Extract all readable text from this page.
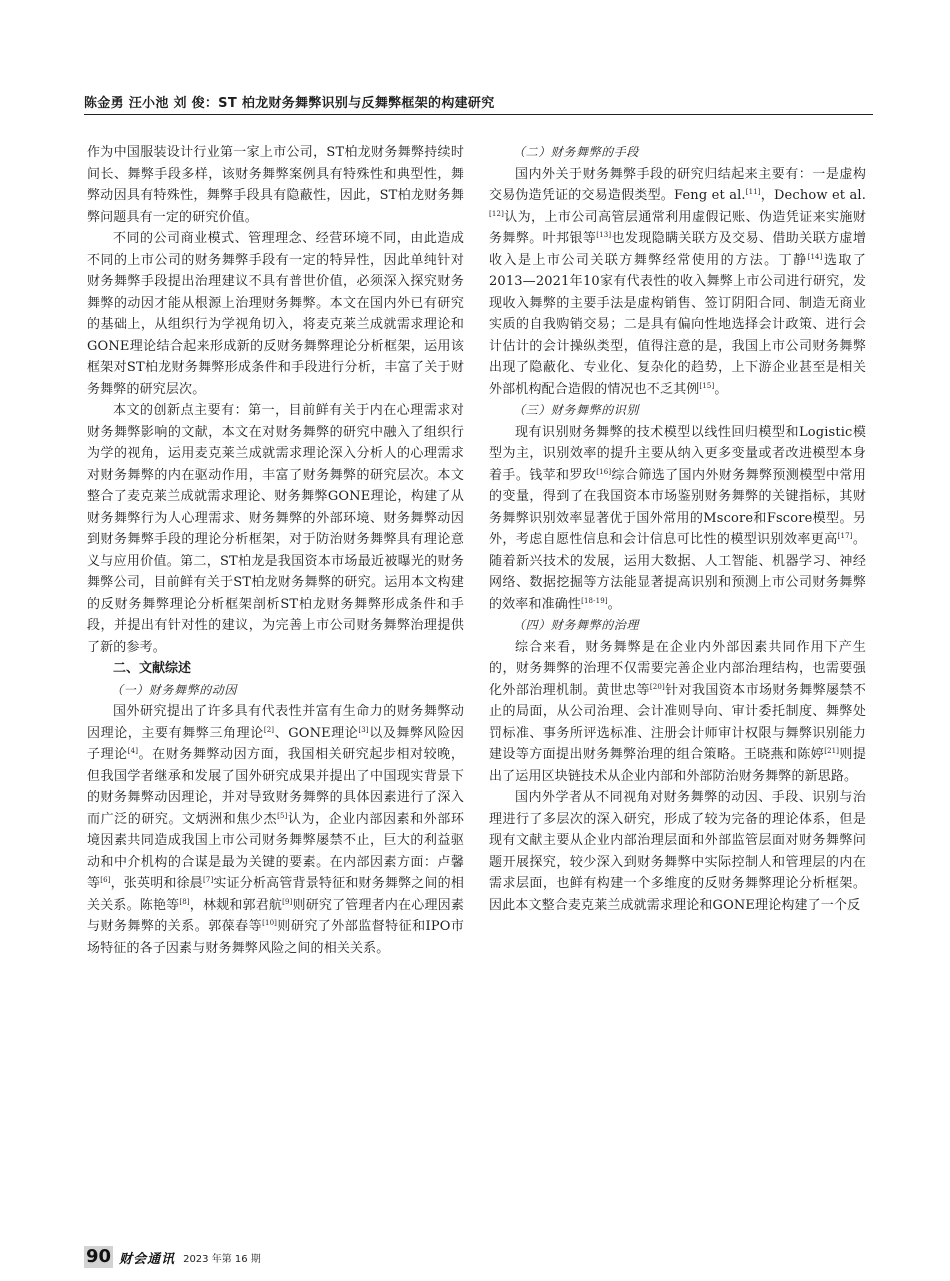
陈金勇 汪小池 刘 俊：ST 柏龙财务舞弊识别与反舞弊框架的构建研究

作为中国服装设计行业第一家上市公司，ST柏龙财务舞弊持续时间长、舞弊手段多样，该财务舞弊案例具有特殊性和典型性，舞弊动因具有特殊性，舞弊手段具有隐蔽性，因此，ST柏龙财务舞弊问题具有一定的研究价值。

不同的公司商业模式、管理理念、经营环境不同，由此造成不同的上市公司的财务舞弊手段有一定的特异性，因此单纯针对财务舞弊手段提出治理建议不具有普世价值，必须深入探究财务舞弊的动因才能从根源上治理财务舞弊。本文在国内外已有研究的基础上，从组织行为学视角切入，将麦克莱兰成就需求理论和GONE理论结合起来形成新的反财务舞弊理论分析框架，运用该框架对ST柏龙财务舞弊形成条件和手段进行分析，丰富了关于财务舞弊的研究层次。

本文的创新点主要有：第一，目前鲜有关于内在心理需求对财务舞弊影响的文献，本文在对财务舞弊的研究中融入了组织行为学的视角，运用麦克莱兰成就需求理论深入分析人的心理需求对财务舞弊的内在驱动作用，丰富了财务舞弊的研究层次。本文整合了麦克莱兰成就需求理论、财务舞弊GONE理论，构建了从财务舞弊行为人心理需求、财务舞弊的外部环境、财务舞弊动因到财务舞弊手段的理论分析框架，对于防治财务舞弊具有理论意义与应用价值。第二，ST柏龙是我国资本市场最近被曝光的财务舞弊公司，目前鲜有关于ST柏龙财务舞弊的研究。运用本文构建的反财务舞弊理论分析框架剖析ST柏龙财务舞弊形成条件和手段，并提出有针对性的建议，为完善上市公司财务舞弊治理提供了新的参考。

二、文献综述
（一）财务舞弊的动因

国外研究提出了许多具有代表性并富有生命力的财务舞弊动因理论，主要有舞弊三角理论[2]、GONE理论[3]以及舞弊风险因子理论[4]。在财务舞弊动因方面，我国相关研究起步相对较晚，但我国学者继承和发展了国外研究成果并提出了中国现实背景下的财务舞弊动因理论，并对导致财务舞弊的具体因素进行了深入而广泛的研究。文炳洲和焦少杰[5]认为，企业内部因素和外部环境因素共同造成我国上市公司财务舞弊屡禁不止，巨大的利益驱动和中介机构的合谋是最为关键的要素。在内部因素方面：卢馨等[6]，张英明和徐晨[7]实证分析高管背景特征和财务舞弊之间的相关关系。陈艳等[8]，林觌和郭君航[9]则研究了管理者内在心理因素与财务舞弊的关系。郭葆春等[10]则研究了外部监督特征和IPO市场特征的各子因素与财务舞弊风险之间的相关关系。

（二）财务舞弊的手段

国内外关于财务舞弊手段的研究归结起来主要有：一是虚构交易伪造凭证的交易造假类型。Feng et al.[11]，Dechow et al.[12]认为，上市公司高管层通常利用虚假记账、伪造凭证来实施财务舞弊。叶邦银等[13]也发现隐瞒关联方及交易、借助关联方虚增收入是上市公司关联方舞弊经常使用的方法。丁静[14]选取了2013—2021年10家有代表性的收入舞弊上市公司进行研究，发现收入舞弊的主要手法是虚构销售、签订阴阳合同、制造无商业实质的自我购销交易；二是具有偏向性地选择会计政策、进行会计估计的会计操纵类型，值得注意的是，我国上市公司财务舞弊出现了隐蔽化、专业化、复杂化的趋势，上下游企业甚至是相关外部机构配合造假的情况也不乏其例[15]。

（三）财务舞弊的识别

现有识别财务舞弊的技术模型以线性回归模型和Logistic模型为主，识别效率的提升主要从纳入更多变量或者改进模型本身着手。钱苹和罗玫[16]综合筛选了国内外财务舞弊预测模型中常用的变量，得到了在我国资本市场鉴别财务舞弊的关键指标，其财务舞弊识别效率显著优于国外常用的Mscore和Fscore模型。另外，考虑自愿性信息和会计信息可比性的模型识别效率更高[17]。随着新兴技术的发展，运用大数据、人工智能、机器学习、神经网络、数据挖掘等方法能显著提高识别和预测上市公司财务舞弊的效率和准确性[18-19]。

（四）财务舞弊的治理

综合来看，财务舞弊是在企业内外部因素共同作用下产生的，财务舞弊的治理不仅需要完善企业内部治理结构，也需要强化外部治理机制。黄世忠等[20]针对我国资本市场财务舞弊屡禁不止的局面，从公司治理、会计准则导向、审计委托制度、舞弊处罚标准、事务所评选标准、注册会计师审计权限与舞弊识别能力建设等方面提出财务舞弊治理的组合策略。王晓燕和陈婷[21]则提出了运用区块链技术从企业内部和外部防治财务舞弊的新思路。

国内外学者从不同视角对财务舞弊的动因、手段、识别与治理进行了多层次的深入研究，形成了较为完备的理论体系，但是现有文献主要从企业内部治理层面和外部监管层面对财务舞弊问题开展探究，较少深入到财务舞弊中实际控制人和管理层的内在需求层面，也鲜有构建一个多维度的反财务舞弊理论分析框架。因此本文整合麦克莱兰成就需求理论和GONE理论构建了一个反

90 财会通讯 2023 年第 16 期
